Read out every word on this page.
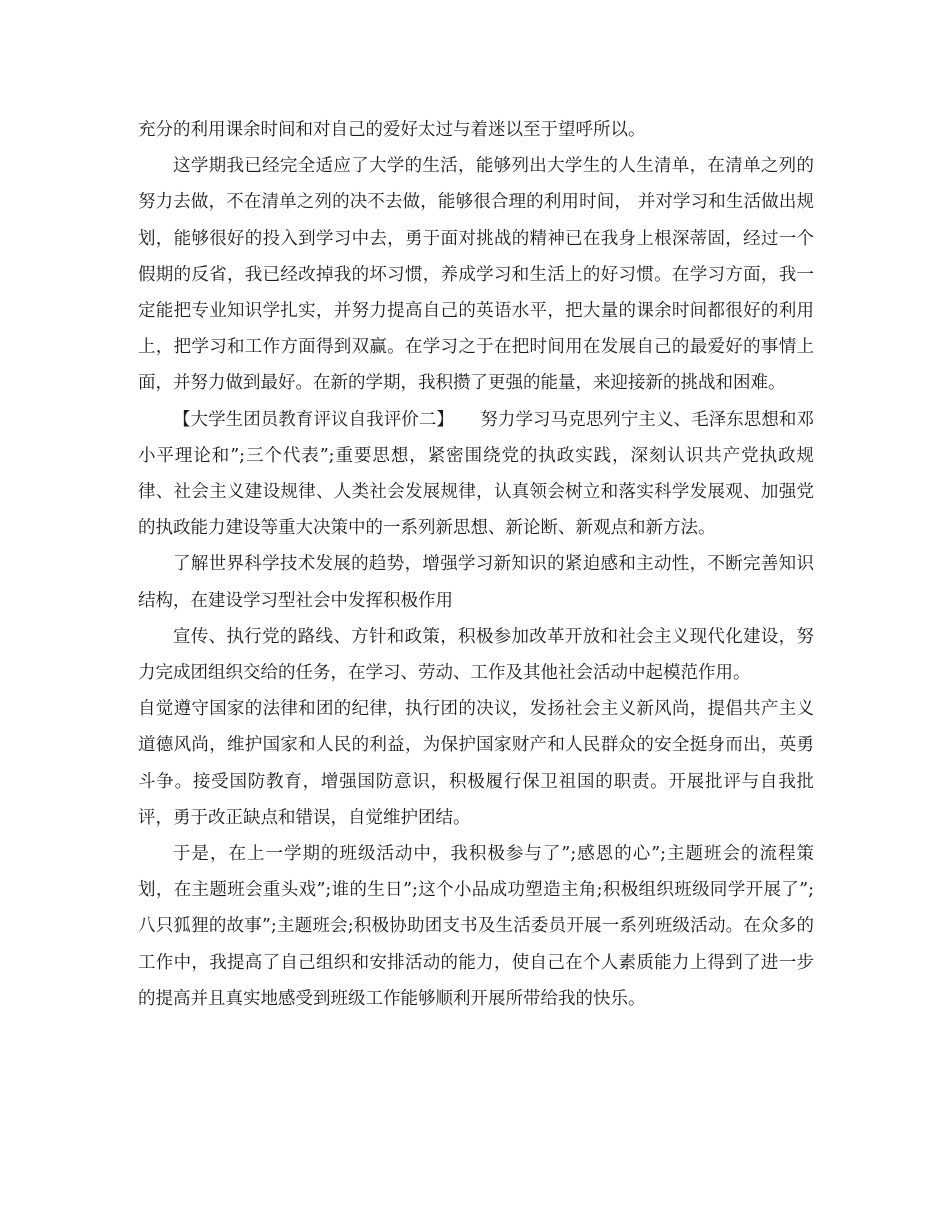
充分的利用课余时间和对自己的爱好太过与着迷以至于望呼所以。

这学期我已经完全适应了大学的生活，能够列出大学生的人生清单，在清单之列的努力去做，不在清单之列的决不去做，能够很合理的利用时间， 并对学习和生活做出规划，能够很好的投入到学习中去，勇于面对挑战的精神已在我身上根深蒂固，经过一个假期的反省，我已经改掉我的坏习惯，养成学习和生活上的好习惯。在学习方面，我一定能把专业知识学扎实，并努力提高自己的英语水平，把大量的课余时间都很好的利用上，把学习和工作方面得到双赢。在学习之于在把时间用在发展自己的最爱好的事情上面，并努力做到最好。在新的学期，我积攒了更强的能量，来迎接新的挑战和困难。

【大学生团员教育评议自我评价二】　　努力学习马克思列宁主义、毛泽东思想和邓小平理论和”;三个代表”;重要思想，紧密围绕党的执政实践，深刻认识共产党执政规律、社会主义建设规律、人类社会发展规律，认真领会树立和落实科学发展观、加强党的执政能力建设等重大决策中的一系列新思想、新论断、新观点和新方法。

了解世界科学技术发展的趋势，增强学习新知识的紧迫感和主动性，不断完善知识结构，在建设学习型社会中发挥积极作用

宣传、执行党的路线、方针和政策，积极参加改革开放和社会主义现代化建设，努力完成团组织交给的任务，在学习、劳动、工作及其他社会活动中起模范作用。

自觉遵守国家的法律和团的纪律，执行团的决议，发扬社会主义新风尚，提倡共产主义道德风尚，维护国家和人民的利益，为保护国家财产和人民群众的安全挺身而出，英勇斗争。接受国防教育，增强国防意识，积极履行保卫祖国的职责。开展批评与自我批评，勇于改正缺点和错误，自觉维护团结。

于是，在上一学期的班级活动中，我积极参与了”;感恩的心”;主题班会的流程策划，在主题班会重头戏”;谁的生日”;这个小品成功塑造主角;积极组织班级同学开展了”;八只狐狸的故事”;主题班会;积极协助团支书及生活委员开展一系列班级活动。在众多的工作中，我提高了自己组织和安排活动的能力，使自己在个人素质能力上得到了进一步的提高并且真实地感受到班级工作能够顺利开展所带给我的快乐。
